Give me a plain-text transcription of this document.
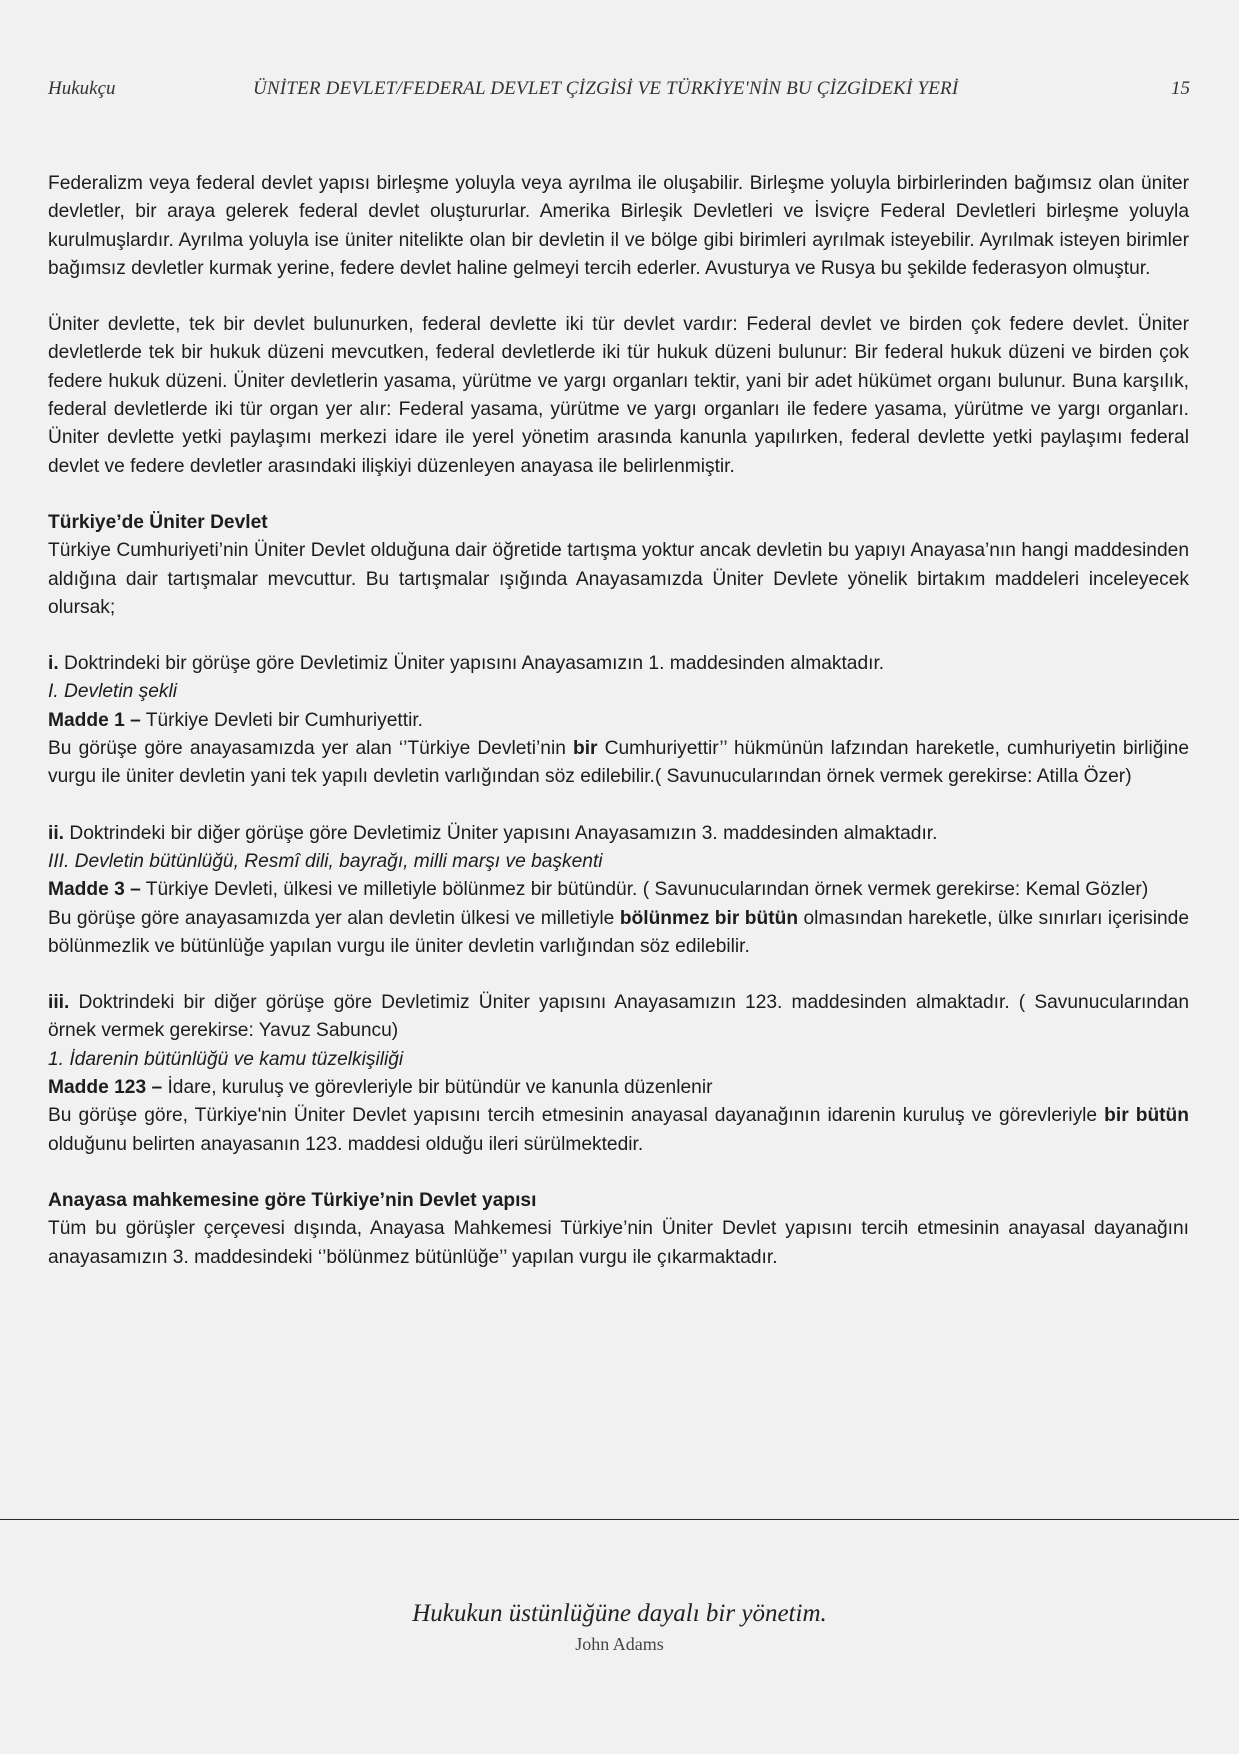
Hukukçu	ÜNİTER DEVLET/FEDERAL DEVLET ÇİZGİSİ VE TÜRKİYE'NİN BU ÇİZGİDEKİ YERİ	15

Federalizm veya federal devlet yapısı birleşme yoluyla veya ayrılma ile oluşabilir. Birleşme yoluyla birbirlerinden bağımsız olan üniter devletler, bir araya gelerek federal devlet oluştururlar. Amerika Birleşik Devletleri ve İsviçre Federal Devletleri birleşme yoluyla kurulmuşlardır. Ayrılma yoluyla ise üniter nitelikte olan bir devletin il ve bölge gibi birimleri ayrılmak isteyebilir. Ayrılmak isteyen birimler bağımsız devletler kurmak yerine, federe devlet haline gelmeyi tercih ederler. Avusturya ve Rusya bu şekilde federasyon olmuştur.

Üniter devlette, tek bir devlet bulunurken, federal devlette iki tür devlet vardır: Federal devlet ve birden çok federe devlet. Üniter devletlerde tek bir hukuk düzeni mevcutken, federal devletlerde iki tür hukuk düzeni bulunur: Bir federal hukuk düzeni ve birden çok federe hukuk düzeni. Üniter devletlerin yasama, yürütme ve yargı organları tektir, yani bir adet hükümet organı bulunur. Buna karşılık, federal devletlerde iki tür organ yer alır: Federal yasama, yürütme ve yargı organları ile federe yasama, yürütme ve yargı organları. Üniter devlette yetki paylaşımı merkezi idare ile yerel yönetim arasında kanunla yapılırken, federal devlette yetki paylaşımı federal devlet ve federe devletler arasındaki ilişkiyi düzenleyen anayasa ile belirlenmiştir.

Türkiye’de Üniter Devlet

Türkiye Cumhuriyeti’nin Üniter Devlet olduğuna dair öğretide tartışma yoktur ancak devletin bu yapıyı Anayasa’nın hangi maddesinden aldığına dair tartışmalar mevcuttur. Bu tartışmalar ışığında Anayasamızda Üniter Devlete yönelik birtakım maddeleri inceleyecek olursak;

i. Doktrindeki bir görüşe göre Devletimiz Üniter yapısını Anayasamızın 1. maddesinden almaktadır.

I. Devletin şekli

Madde 1 – Türkiye Devleti bir Cumhuriyettir.

Bu görüşe göre anayasamızda yer alan ‘’Türkiye Devleti’nin bir Cumhuriyettir’’ hükmünün lafzından hareketle, cumhuriyetin birliğine vurgu ile üniter devletin yani tek yapılı devletin varlığından söz edilebilir.( Savunucularından örnek vermek gerekirse: Atilla Özer)

ii. Doktrindeki bir diğer görüşe göre Devletimiz Üniter yapısını Anayasamızın 3. maddesinden almaktadır.

III. Devletin bütünlüğü, Resmî dili, bayrağı, milli marşı ve başkenti

Madde 3 – Türkiye Devleti, ülkesi ve milletiyle bölünmez bir bütündür. ( Savunucularından örnek vermek gerekirse: Kemal Gözler)

Bu görüşe göre anayasamızda yer alan devletin ülkesi ve milletiyle bölünmez bir bütün olmasından hareketle, ülke sınırları içerisinde bölünmezlik ve bütünlüğe yapılan vurgu ile üniter devletin varlığından söz edilebilir.

iii. Doktrindeki bir diğer görüşe göre Devletimiz Üniter yapısını Anayasamızın 123. maddesinden almaktadır. ( Savunucularından örnek vermek gerekirse: Yavuz Sabuncu)

1. İdarenin bütünlüğü ve kamu tüzelkişiliği

Madde 123 – İdare, kuruluş ve görevleriyle bir bütündür ve kanunla düzenlenir

Bu görüşe göre, Türkiye'nin Üniter Devlet yapısını tercih etmesinin anayasal dayanağının idarenin kuruluş ve görevleriyle bir bütün olduğunu belirten anayasanın 123. maddesi olduğu ileri sürülmektedir.

Anayasa mahkemesine göre Türkiye’nin Devlet yapısı

Tüm bu görüşler çerçevesi dışında, Anayasa Mahkemesi Türkiye’nin Üniter Devlet yapısını tercih etmesinin anayasal dayanağını anayasamızın 3. maddesindeki ‘’bölünmez bütünlüğe’’ yapılan vurgu ile çıkarmaktadır.

Hukukun üstünlüğüne dayalı bir yönetim.
John Adams
